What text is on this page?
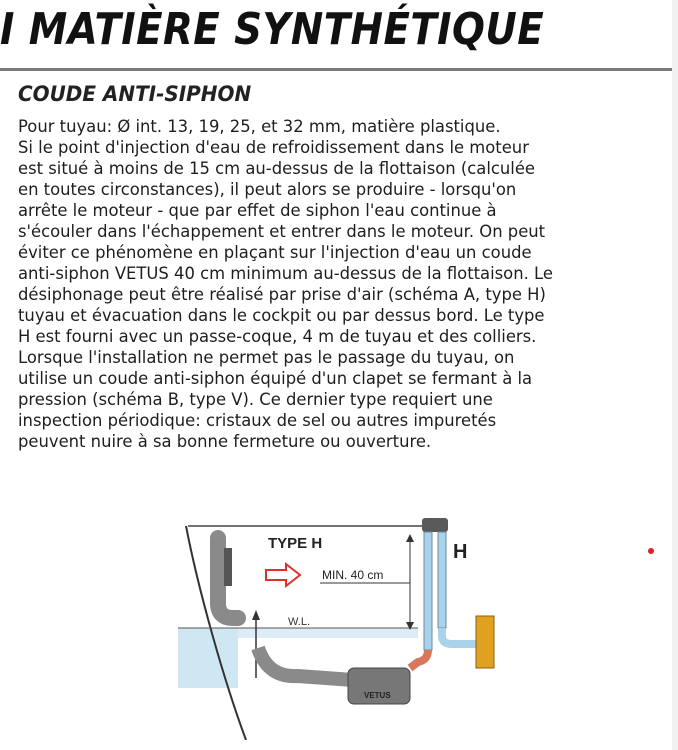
I MATIÈRE SYNTHÉTIQUE
COUDE ANTI-SIPHON
Pour tuyau: Ø int. 13, 19, 25, et 32 mm, matière plastique.
Si le point d'injection d'eau de refroidissement dans le moteur
est situé à moins de 15 cm au-dessus de la flottaison (calculée
en toutes circonstances), il peut alors se produire - lorsqu'on
arrête le moteur - que par effet de siphon l'eau continue à
s'écouler dans l'échappement et entrer dans le moteur. On peut
éviter ce phénomène en plaçant sur l'injection d'eau un coude
anti-siphon VETUS 40 cm minimum au-dessus de la flottaison. Le
désiphonage peut être réalisé par prise d'air (schéma A, type H)
tuyau et évacuation dans le cockpit ou par dessus bord. Le type
H est fourni avec un passe-coque, 4 m de tuyau et des colliers.
Lorsque l'installation ne permet pas le passage du tuyau, on
utilise un coude anti-siphon équipé d'un clapet se fermant à la
pression (schéma B, type V). Ce dernier type requiert une
inspection périodique: cristaux de sel ou autres impuretés
peuvent nuire à sa bonne fermeture ou ouverture.
W.L.
VETUS
TYPE H	H
MIN. 40 cm
